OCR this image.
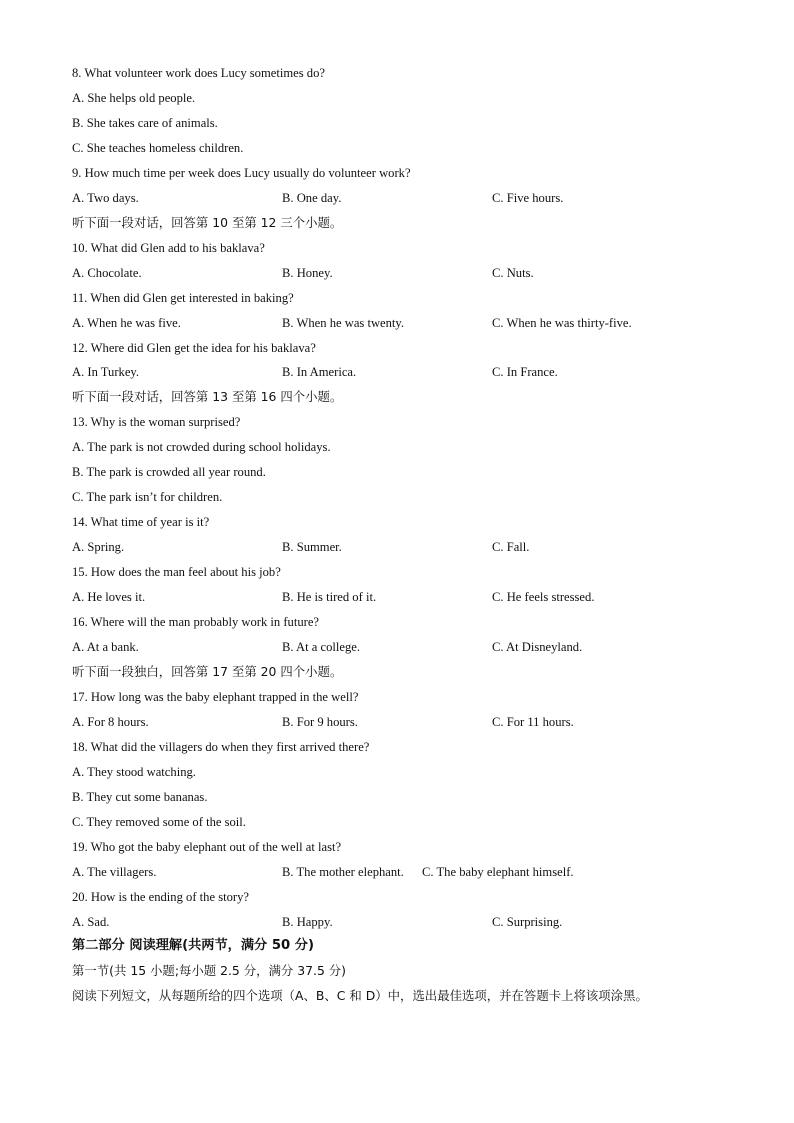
8. What volunteer work does Lucy sometimes do?
A. She helps old people.
B. She takes care of animals.
C. She teaches homeless children.
9. How much time per week does Lucy usually do volunteer work?
A. Two days.	B. One day.	C. Five hours.
听下面一段对话，回答第 10 至第 12 三个小题。
10. What did Glen add to his baklava?
A. Chocolate.	B. Honey.	C. Nuts.
11. When did Glen get interested in baking?
A. When he was five.	B. When he was twenty.	C. When he was thirty-five.
12. Where did Glen get the idea for his baklava?
A. In Turkey.	B. In America.	C. In France.
听下面一段对话，回答第 13 至第 16 四个小题。
13. Why is the woman surprised?
A. The park is not crowded during school holidays.
B. The park is crowded all year round.
C. The park isn’t for children.
14. What time of year is it?
A. Spring.	B. Summer.	C. Fall.
15. How does the man feel about his job?
A. He loves it.	B. He is tired of it.	C. He feels stressed.
16. Where will the man probably work in future?
A. At a bank.	B. At a college.	C. At Disneyland.
听下面一段独白，回答第 17 至第 20 四个小题。
17. How long was the baby elephant trapped in the well?
A. For 8 hours.	B. For 9 hours.	C. For 11 hours.
18. What did the villagers do when they first arrived there?
A. They stood watching.
B. They cut some bananas.
C. They removed some of the soil.
19. Who got the baby elephant out of the well at last?
A. The villagers.	B. The mother elephant. C. The baby elephant himself.
20. How is the ending of the story?
A. Sad.	B. Happy.	C. Surprising.
第二部分 阅读理解(共两节，满分 50 分)
第一节(共 15 小题;每小题 2.5 分，满分 37.5 分)
阅读下列短文，从每题所给的四个选项（A、B、C 和 D）中，选出最佳选项，并在答题卡上将该项涂黑。
